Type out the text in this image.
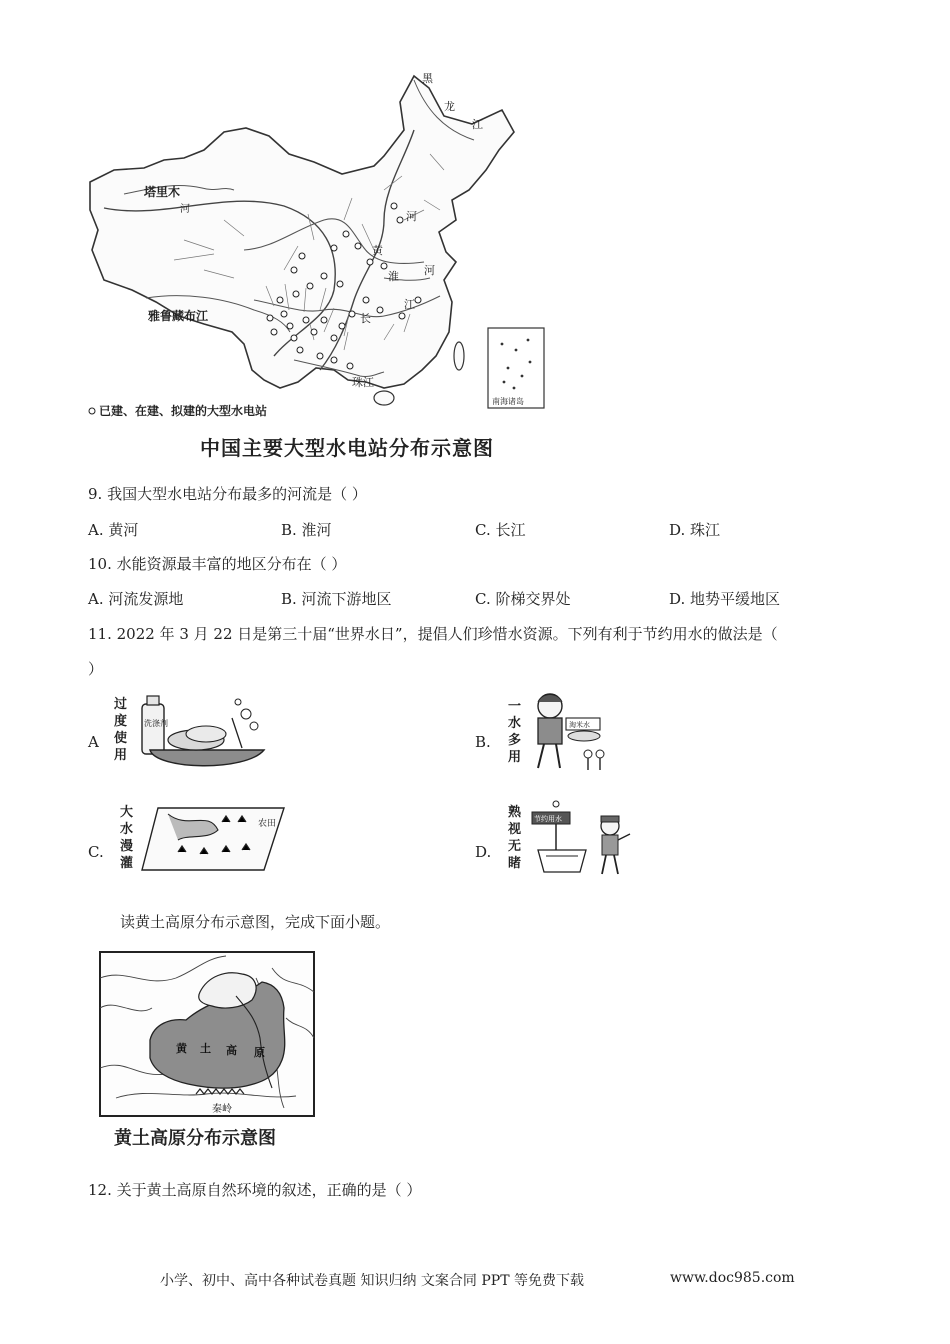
黑
龙
江
塔里木
河
雅鲁藏布江
黄
河
淮 河
长
江
珠江
南海诸岛
已建、在建、拟建的大型水电站
中国主要大型水电站分布示意图
9. 我国大型水电站分布最多的河流是（ ）
A. 黄河	B. 淮河	C. 长江	D. 珠江
10. 水能资源最丰富的地区分布在（ ）
A. 河流发源地	B. 河流下游地区	C. 阶梯交界处	D. 地势平缓地区
11. 2022 年 3 月 22 日是第三十届“世界水日”，提倡人们珍惜水资源。下列有利于节约用水的做法是（
）
A
过
度
使
用
洗涤剂
B.
一
水
多
用
淘米水
C.
大
水
漫
灌
农田
D.
熟
视
无
睹
节约用水
读黄土高原分布示意图，完成下面小题。
黄 土 高 原
秦岭
黄土高原分布示意图
12. 关于黄土高原自然环境的叙述，正确的是（ ）
小学、初中、高中各种试卷真题 知识归纳 文案合同 PPT 等免费下载	www.doc985.com
